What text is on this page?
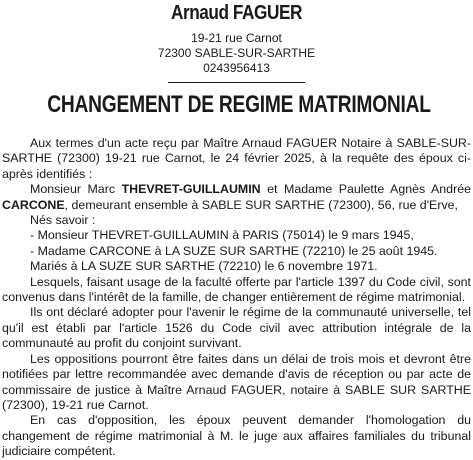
Arnaud FAGUER
19-21 rue Carnot
72300 SABLE-SUR-SARTHE
0243956413
CHANGEMENT DE REGIME MATRIMONIAL

Aux termes d'un acte reçu par Maître Arnaud FAGUER Notaire à SABLE-SUR-SARTHE (72300) 19-21 rue Carnot, le 24 février 2025, à la requête des époux ci-après identifiés :

Monsieur Marc THEVRET-GUILLAUMIN et Madame Paulette Agnès Andrée CARCONE, demeurant ensemble à SABLE SUR SARTHE (72300), 56, rue d'Erve,

Nés savoir :

- Monsieur THEVRET-GUILLAUMIN à PARIS (75014) le 9 mars 1945,

- Madame CARCONE à LA SUZE SUR SARTHE (72210) le 25 août 1945.

Mariés à LA SUZE SUR SARTHE (72210) le 6 novembre 1971.

Lesquels, faisant usage de la faculté offerte par l'article 1397 du Code civil, sont convenus dans l'intérêt de la famille, de changer entièrement de régime matrimonial.

Ils ont déclaré adopter pour l'avenir le régime de la communauté universelle, tel qu'il est établi par l'article 1526 du Code civil avec attribution intégrale de la communauté au profit du conjoint survivant.

Les oppositions pourront être faites dans un délai de trois mois et devront être notifiées par lettre recommandée avec demande d'avis de réception ou par acte de commissaire de justice à Maître Arnaud FAGUER, notaire à SABLE SUR SARTHE (72300), 19-21 rue Carnot.

En cas d'opposition, les époux peuvent demander l'homologation du changement de régime matrimonial à M. le juge aux affaires familiales du tribunal judiciaire compétent.
